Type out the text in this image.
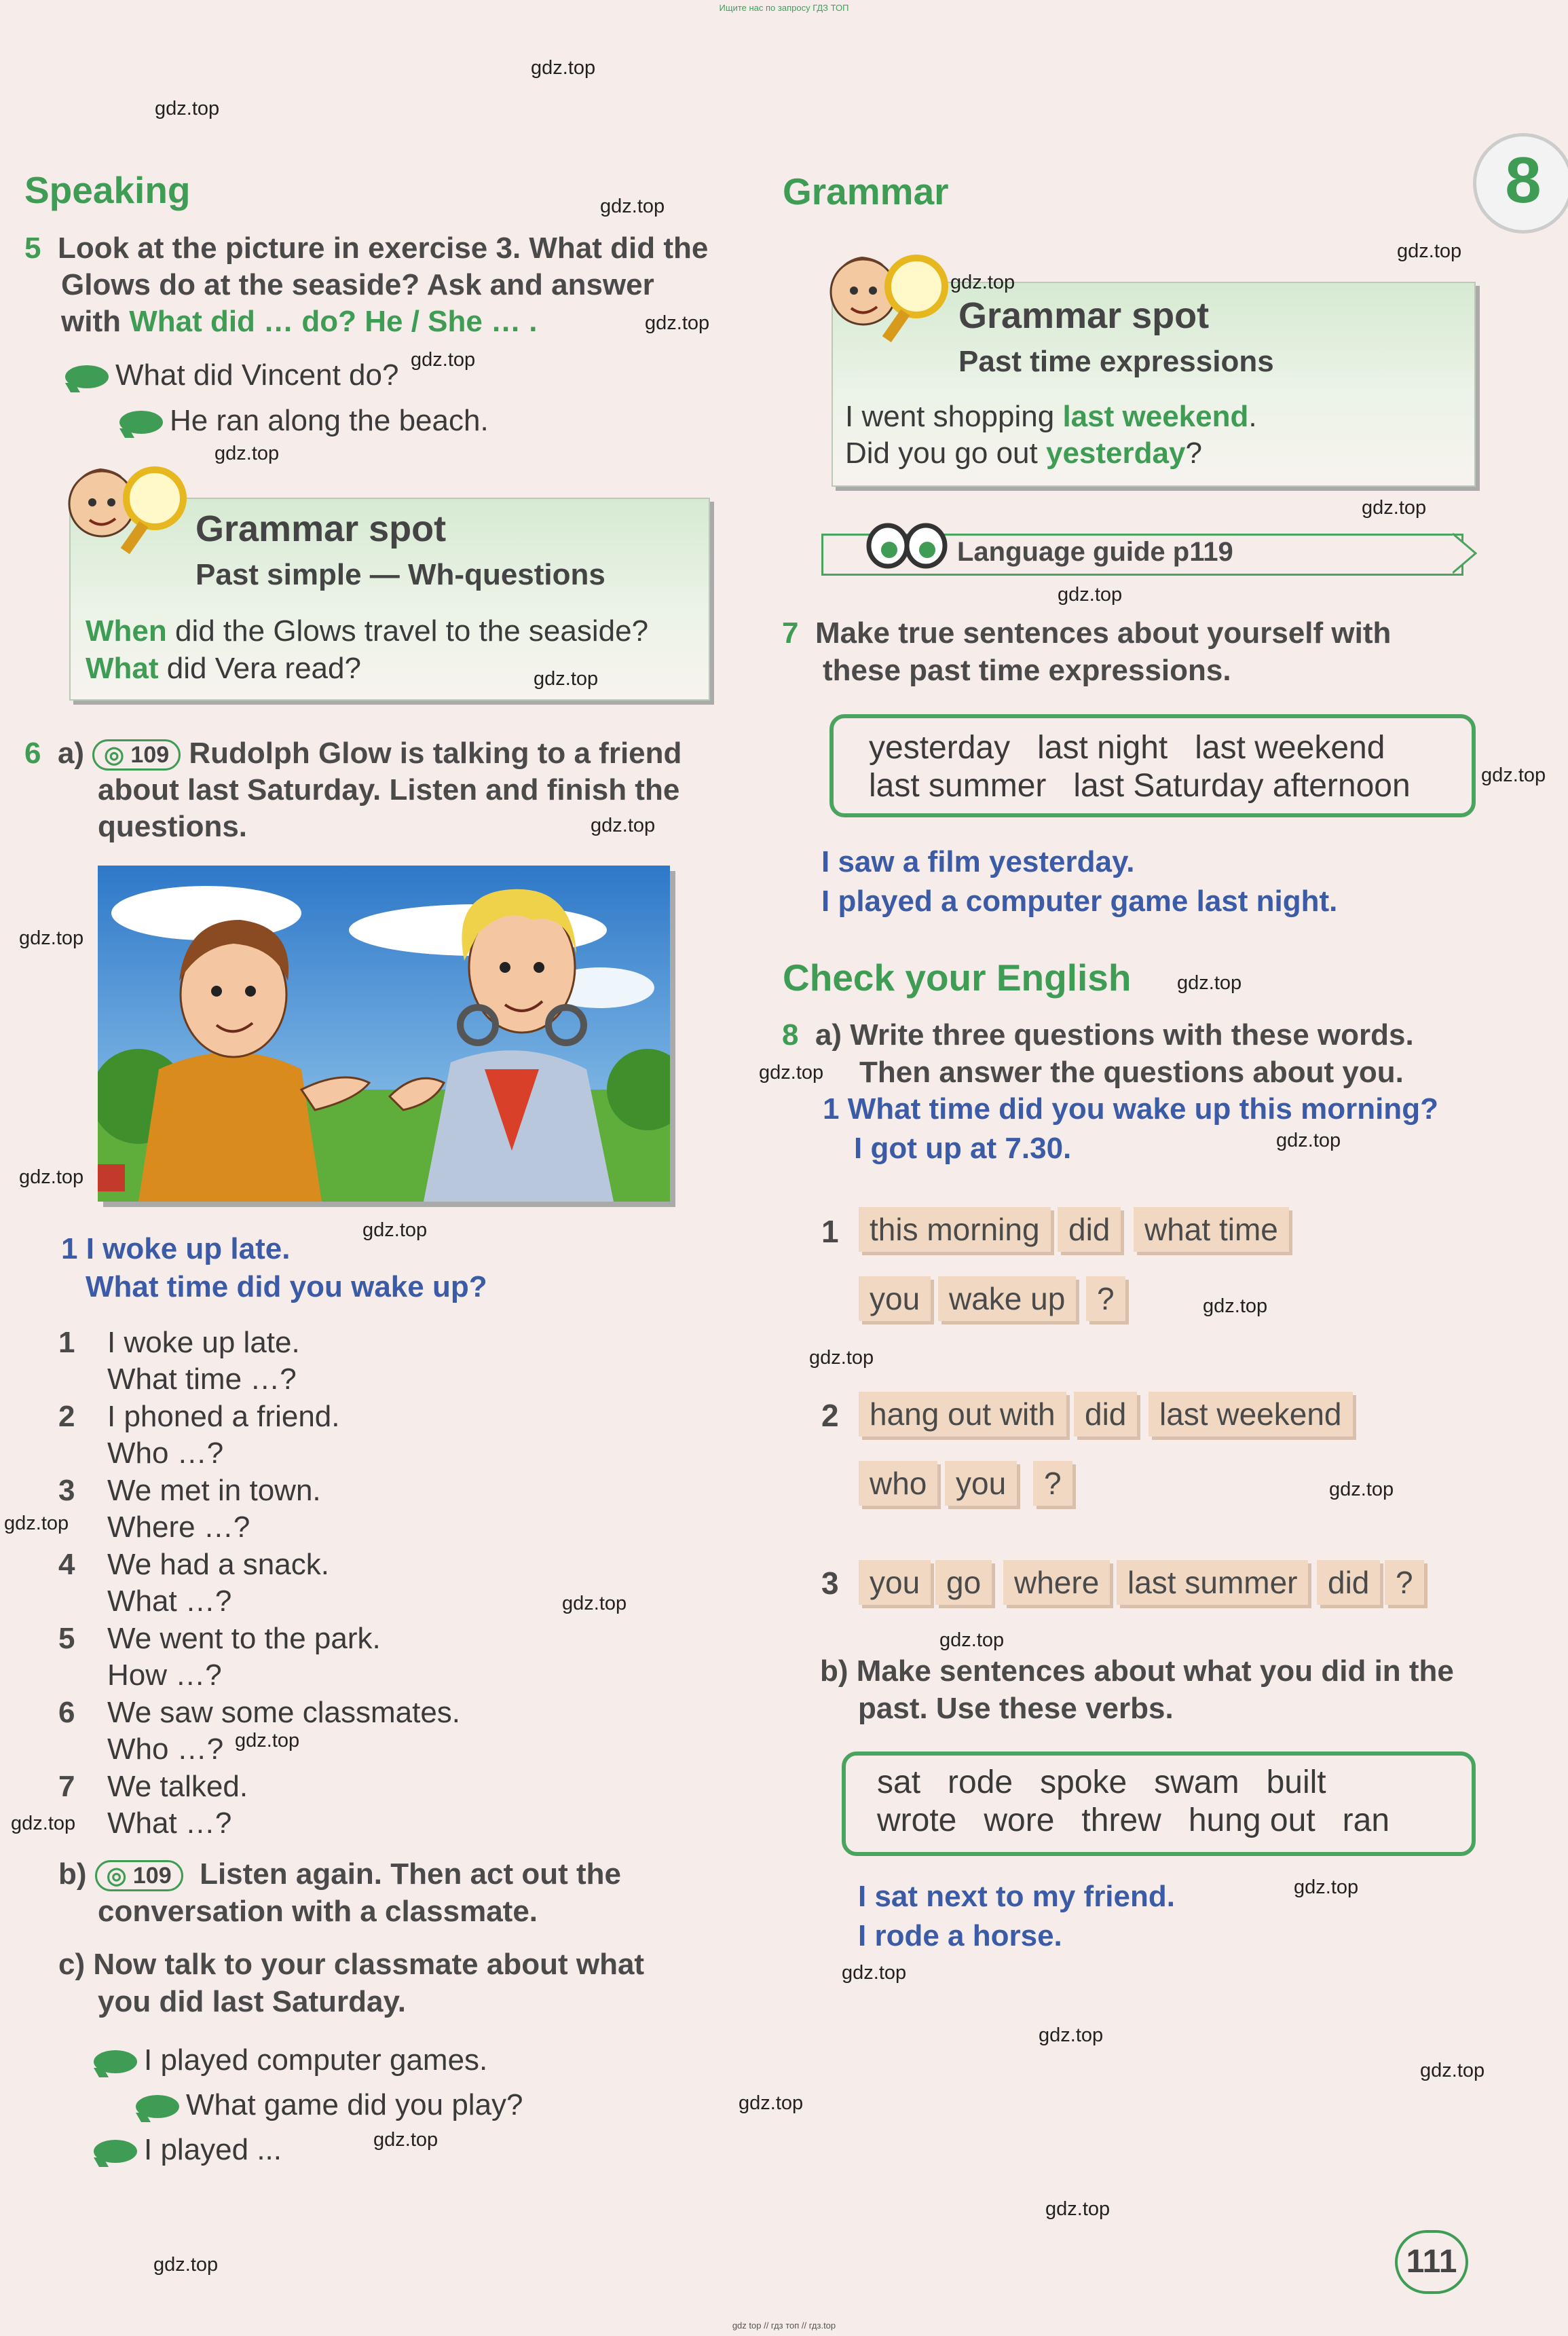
Ищите нас по запросу ГДЗ ТОП
gdz top // гдз топ // гдз.top
8
Speaking
5 Look at the picture in exercise 3. What did the
Glows do at the seaside? Ask and answer
with What did … do? He / She … .
What did Vincent do?
He ran along the beach.
Grammar spot
Past simple — Wh-questions
When did the Glows travel to the seaside?
What did Vera read?
6 a) ◎ 109 Rudolph Glow is talking to a friend
about last Saturday. Listen and finish the
questions.
1 I woke up late.
What time did you wake up?
1 I woke up late.
What time …?
2 I phoned a friend.
Who …?
3 We met in town.
Where …?
4 We had a snack.
What …?
5 We went to the park.
How …?
6 We saw some classmates.
Who …?
7 We talked.
What …?
b) ◎ 109 Listen again. Then act out the
conversation with a classmate.
c) Now talk to your classmate about what
you did last Saturday.
I played computer games.
What game did you play?
I played ...
Grammar
Grammar spot
Past time expressions
I went shopping last weekend.
Did you go out yesterday?
Language guide p119
7 Make true sentences about yourself with
these past time expressions.
yesterday   last night   last weekend
last summer   last Saturday afternoon
I saw a film yesterday.
I played a computer game last night.
Check your English
8 a) Write three questions with these words.
Then answer the questions about you.
1 What time did you wake up this morning?
I got up at 7.30.
1 this morning did	what time
you wake up	?
2 hang out with did	last weekend
who you	?
3 you go	where last summer did ?
b) Make sentences about what you did in the
past. Use these verbs.
sat   rode   spoke   swam   built
wrote   wore   threw   hung out   ran
I sat next to my friend.
I rode a horse.
111
gdz.top
gdz.top
gdz.top
gdz.top
gdz.top
gdz.top
gdz.top
gdz.top
gdz.top
gdz.top
gdz.top
gdz.top
gdz.top
gdz.top
gdz.top
gdz.top
gdz.top
gdz.top
gdz.top
gdz.top
gdz.top
gdz.top
gdz.top
gdz.top
gdz.top
gdz.top
gdz.top
gdz.top
gdz.top
gdz.top
gdz.top
gdz.top
gdz.top
gdz.top
gdz.top
